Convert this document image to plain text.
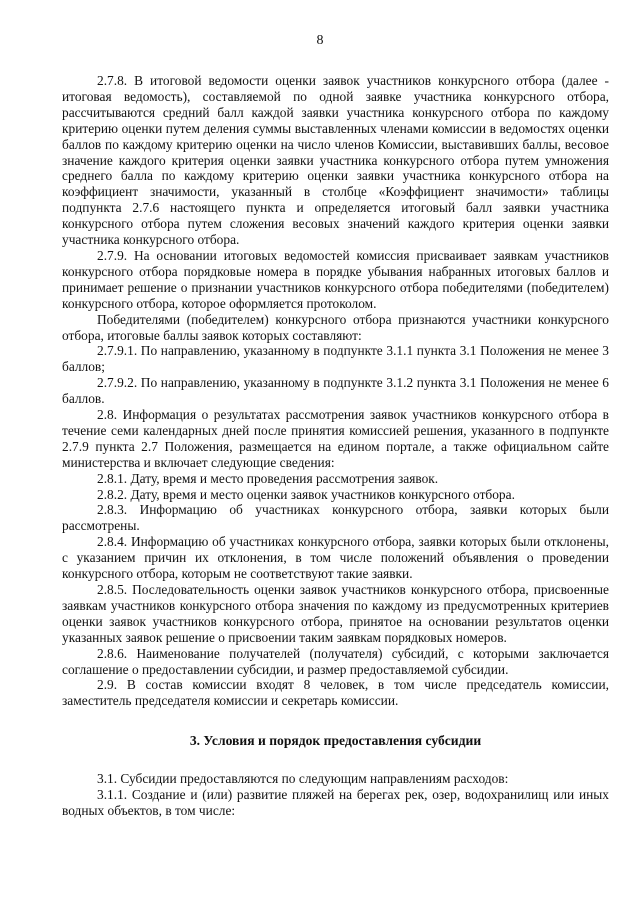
8

2.7.8. В итоговой ведомости оценки заявок участников конкурсного отбора (далее - итоговая ведомость), составляемой по одной заявке участника конкурсного отбора, рассчитываются средний балл каждой заявки участника конкурсного отбора по каждому критерию оценки путем деления суммы выставленных членами комиссии в ведомостях оценки баллов по каждому критерию оценки на число членов Комиссии, выставивших баллы, весовое значение каждого критерия оценки заявки участника конкурсного отбора путем умножения среднего балла по каждому критерию оценки заявки участника конкурсного отбора на коэффициент значимости, указанный в столбце «Коэффициент значимости» таблицы подпункта 2.7.6 настоящего пункта и определяется итоговый балл заявки участника конкурсного отбора путем сложения весовых значений каждого критерия оценки заявки участника конкурсного отбора.

2.7.9. На основании итоговых ведомостей комиссия присваивает заявкам участников конкурсного отбора порядковые номера в порядке убывания набранных итоговых баллов и принимает решение о признании участников конкурсного отбора победителями (победителем) конкурсного отбора, которое оформляется протоколом.

Победителями (победителем) конкурсного отбора признаются участники конкурсного отбора, итоговые баллы заявок которых составляют:

2.7.9.1. По направлению, указанному в подпункте 3.1.1 пункта 3.1 Положения не менее 3 баллов;

2.7.9.2. По направлению, указанному в подпункте 3.1.2 пункта 3.1 Положения не менее 6 баллов.

2.8. Информация о результатах рассмотрения заявок участников конкурсного отбора в течение семи календарных дней после принятия комиссией решения, указанного в подпункте 2.7.9 пункта 2.7 Положения, размещается на едином портале, а также официальном сайте министерства и включает следующие сведения:

2.8.1. Дату, время и место проведения рассмотрения заявок.

2.8.2. Дату, время и место оценки заявок участников конкурсного отбора.

2.8.3. Информацию об участниках конкурсного отбора, заявки которых были рассмотрены.

2.8.4. Информацию об участниках конкурсного отбора, заявки которых были отклонены, с указанием причин их отклонения, в том числе положений объявления о проведении конкурсного отбора, которым не соответствуют такие заявки.

2.8.5. Последовательность оценки заявок участников конкурсного отбора, присвоенные заявкам участников конкурсного отбора значения по каждому из предусмотренных критериев оценки заявок участников конкурсного отбора, принятое на основании результатов оценки указанных заявок решение о присвоении таким заявкам порядковых номеров.

2.8.6. Наименование получателей (получателя) субсидий, с которыми заключается соглашение о предоставлении субсидии, и размер предоставляемой субсидии.

2.9. В состав комиссии входят 8 человек, в том числе председатель комиссии, заместитель председателя комиссии и секретарь комиссии.

3. Условия и порядок предоставления субсидии

3.1. Субсидии предоставляются по следующим направлениям расходов:

3.1.1. Создание и (или) развитие пляжей на берегах рек, озер, водохранилищ или иных водных объектов, в том числе:
